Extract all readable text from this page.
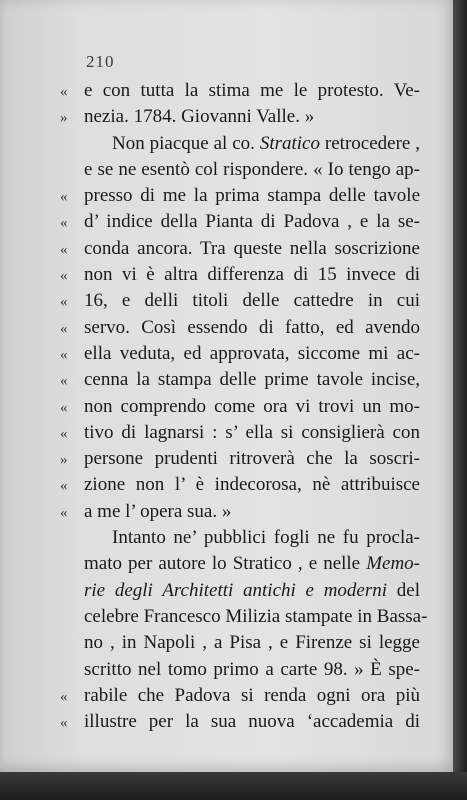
210
« e con tutta la stima me le protesto. Ve-
» nezia. 1784. Giovanni Valle. »
Non piacque al co. Stratico retrocedere ,
e se ne esentò col rispondere. « Io tengo ap-
« presso di me la prima stampa delle tavole
« d’ indice della Pianta di Padova , e la se-
« conda ancora. Tra queste nella soscrizione
« non vi è altra differenza di 15 invece di
« 16, e delli titoli delle cattedre in cui
« servo. Così essendo di fatto, ed avendo
« ella veduta, ed approvata, siccome mi ac-
« cenna la stampa delle prime tavole incise,
« non comprendo come ora vi trovi un mo-
« tivo di lagnarsi : s’ ella si consiglierà con
» persone prudenti ritroverà che la soscri-
« zione non l’ è indecorosa, nè attribuisce
« a me l’ opera sua. »
Intanto ne’ pubblici fogli ne fu procla-
mato per autore lo Stratico , e nelle Memo-
rie degli Architetti antichi e moderni del
celebre Francesco Milizia stampate in Bassa-
no , in Napoli , a Pisa , e Firenze si legge
scritto nel tomo primo a carte 98. » È spe-
« rabile che Padova si renda ogni ora più
« illustre per la sua nuova ‘accademia di
